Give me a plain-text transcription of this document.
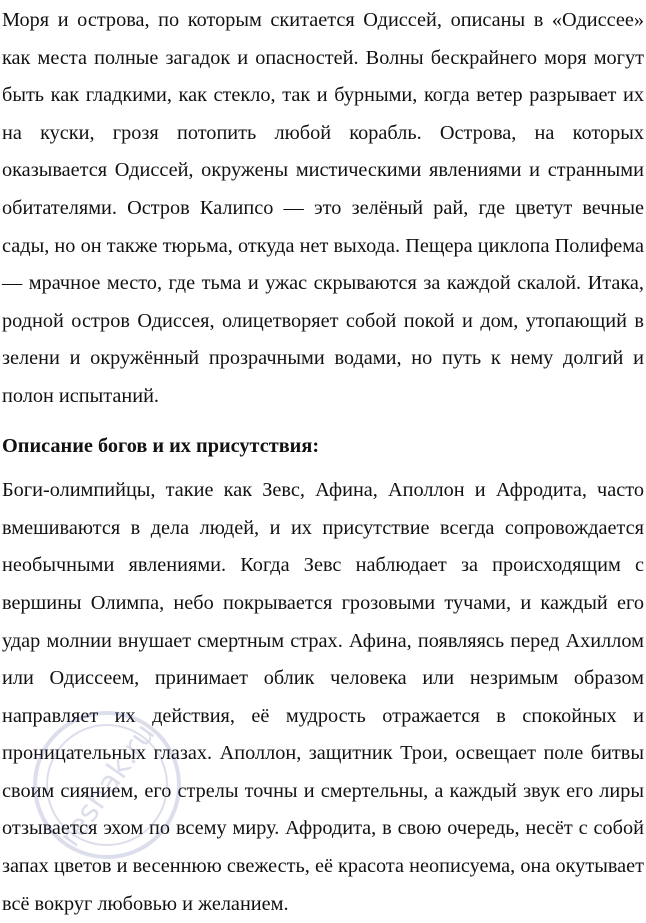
Моря и острова, по которым скитается Одиссей, описаны в «Одиссее» как места полные загадок и опасностей. Волны бескрайнего моря могут быть как гладкими, как стекло, так и бурными, когда ветер разрывает их на куски, грозя потопить любой корабль. Острова, на которых оказывается Одиссей, окружены мистическими явлениями и странными обитателями. Остров Калипсо — это зелёный рай, где цветут вечные сады, но он также тюрьма, откуда нет выхода. Пещера циклопа Полифема — мрачное место, где тьма и ужас скрываются за каждой скалой. Итака, родной остров Одиссея, олицетворяет собой покой и дом, утопающий в зелени и окружённый прозрачными водами, но путь к нему долгий и полон испытаний.

Описание богов и их присутствия:

Боги-олимпийцы, такие как Зевс, Афина, Аполлон и Афродита, часто вмешиваются в дела людей, и их присутствие всегда сопровождается необычными явлениями. Когда Зевс наблюдает за происходящим с вершины Олимпа, небо покрывается грозовыми тучами, и каждый его удар молнии внушает смертным страх. Афина, появляясь перед Ахиллом или Одиссеем, принимает облик человека или незримым образом направляет их действия, её мудрость отражается в спокойных и проницательных глазах. Аполлон, защитник Трои, освещает поле битвы своим сиянием, его стрелы точны и смертельны, а каждый звук его лиры отзывается эхом по всему миру. Афродита, в свою очередь, несёт с собой запах цветов и весеннюю свежесть, её красота неописуема, она окутывает всё вокруг любовью и желанием.

reshak.ru
